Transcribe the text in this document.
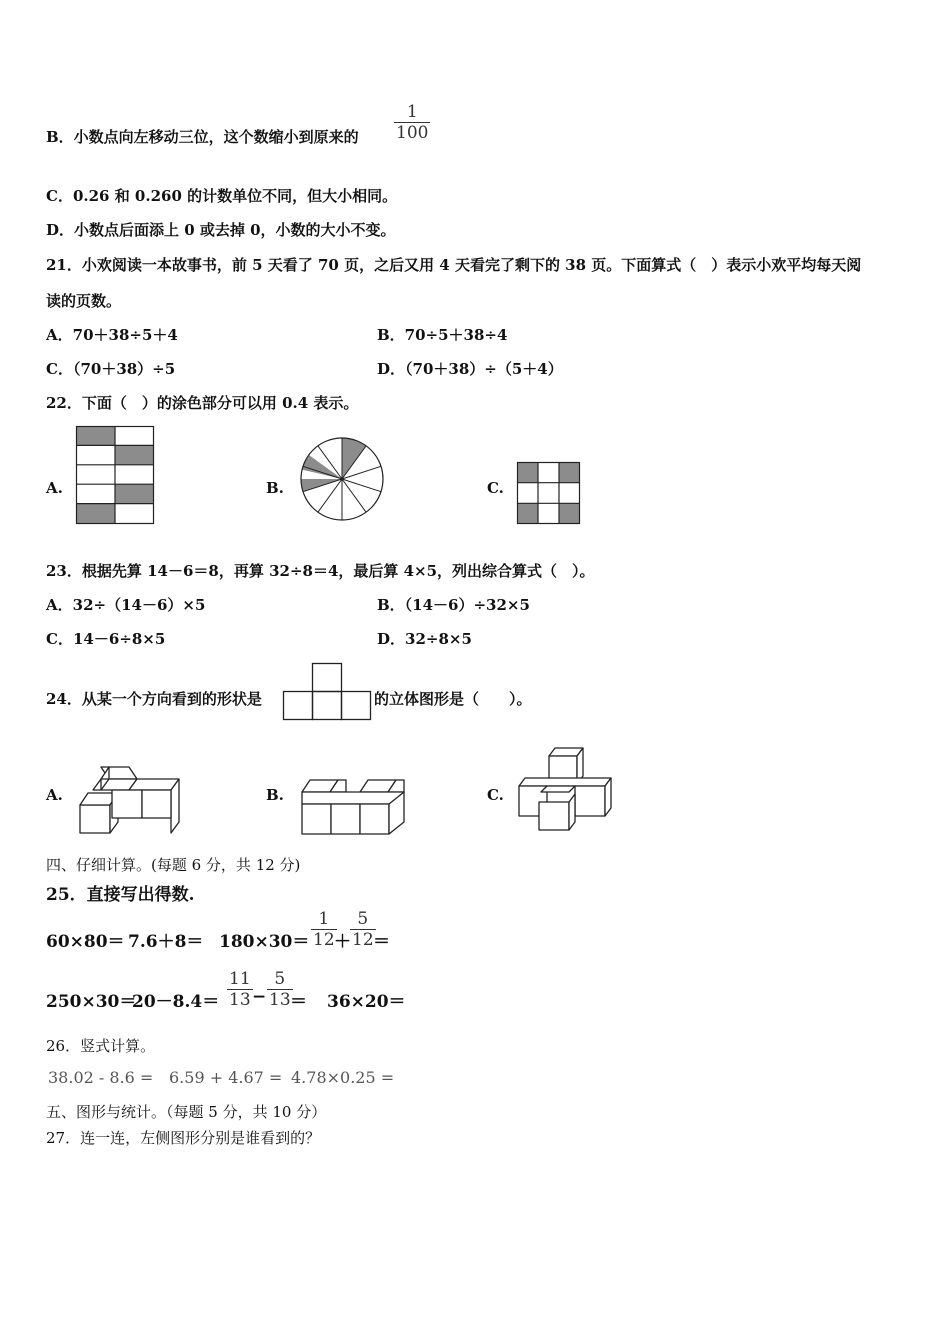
B．小数点向左移动三位，这个数缩小到原来的
1
100
C．0.26 和 0.260 的计数单位不同，但大小相同。
D．小数点后面添上 0 或去掉 0，小数的大小不变。
21．小欢阅读一本故事书，前 5 天看了 70 页，之后又用 4 天看完了剩下的 38 页。下面算式（　）表示小欢平均每天阅
读的页数。
A．70＋38÷5＋4	B．70÷5＋38÷4
C．（70＋38）÷5	D．（70＋38）÷（5＋4）
22．下面（　）的涂色部分可以用 0.4 表示。
A.	B.	C.
23．根据先算 14－6＝8，再算 32÷8＝4，最后算 4×5，列出综合算式（　）。
A．32÷（14－6）×5	B．（14－6）÷32×5
C．14－6÷8×5	D．32÷8×5
24．从某一个方向看到的形状是	的立体图形是（　　）。
A.	B.	C.
四、仔细计算。(每题 6 分，共 12 分)
25．直接写出得数.
60×80＝ 7.6＋8＝ 180×30＝
1
12 ＋
5
12 ＝
250×30＝
20－8.4＝
11
13 −
5
13 ＝ 36×20＝
26．竖式计算。
38.02 - 8.6 = 6.59 + 4.67 = 4.78×0.25 =
五、图形与统计。（每题 5 分，共 10 分）
27．连一连，左侧图形分别是谁看到的？
